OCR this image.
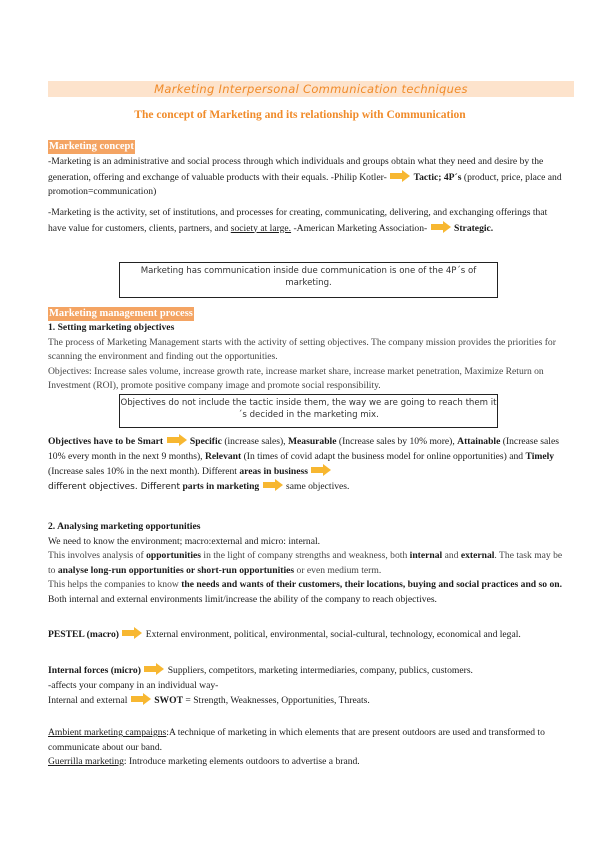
Marketing Interpersonal Communication techniques
The concept of Marketing and its relationship with Communication
Marketing concept
-Marketing is an administrative and social process through which individuals and groups obtain what they need and desire by the generation, offering and exchange of valuable products with their equals. -Philip Kotler-	Tactic; 4P´s (product, price, place and promotion=communication)
-Marketing is the activity, set of institutions, and processes for creating, communicating, delivering, and exchanging offerings that have value for customers, clients, partners, and society at large. -American Marketing Association-	Strategic.
Marketing has communication inside due communication is one of the 4P´s of marketing.
Marketing management process
1. Setting marketing objectives
The process of Marketing Management starts with the activity of setting objectives. The company mission provides the priorities for scanning the environment and finding out the opportunities.
Objectives: Increase sales volume, increase growth rate, increase market share, increase market penetration, Maximize Return on Investment (ROI), promote positive company image and promote social responsibility.
Objectives do not include the tactic inside them, the way we are going to reach them it´s decided in the marketing mix.
Objectives have to be Smart	Specific (increase sales), Measurable (Increase sales by 10% more), Attainable (Increase sales 10% every month in the next 9 months), Relevant (In times of covid adapt the business model for online opportunities) and Timely (Increase sales 10% in the next month). Different areas in business
different objectives. Different parts in marketing	same objectives.
2. Analysing marketing opportunities
We need to know the environment; macro:external and micro: internal.
This involves analysis of opportunities in the light of company strengths and weakness, both internal and external. The task may be to analyse long-run opportunities or short-run opportunities or even medium term.
This helps the companies to know the needs and wants of their customers, their locations, buying and social practices and so on.
Both internal and external environments limit/increase the ability of the company to reach objectives.
PESTEL (macro)	External environment, political, environmental, social-cultural, technology, economical and legal.
Internal forces (micro)	Suppliers, competitors, marketing intermediaries, company, publics, customers.
-affects your company in an individual way-
Internal and external	SWOT = Strength, Weaknesses, Opportunities, Threats.
Ambient marketing campaigns:A technique of marketing in which elements that are present outdoors are used and transformed to communicate about our band.
Guerrilla marketing: Introduce marketing elements outdoors to advertise a brand.
